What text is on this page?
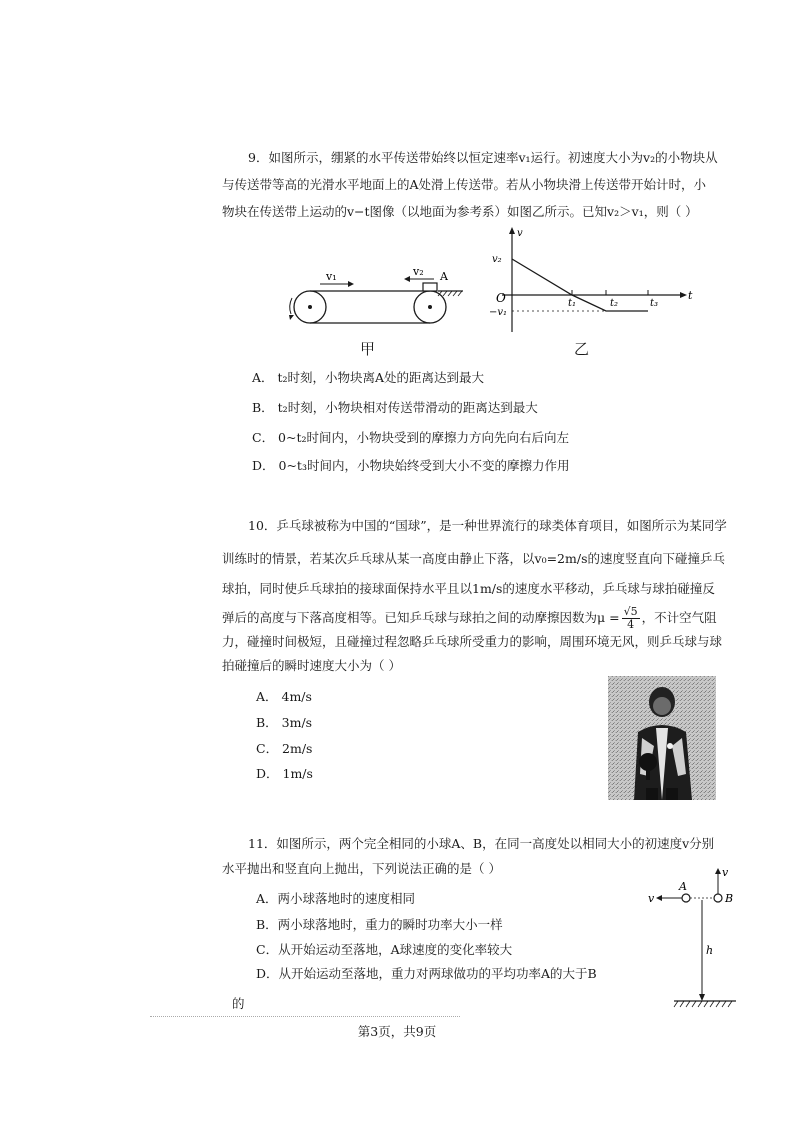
9．如图所示，绷紧的水平传送带始终以恒定速率v₁运行。初速度大小为v₂的小物块从
与传送带等高的光滑水平地面上的A处滑上传送带。若从小物块滑上传送带开始计时，小
物块在传送带上运动的v−t图像（以地面为参考系）如图乙所示。已知v₂＞v₁，则（ ）
v₁	v₂ A
甲
v
t
O
v₂
−v₁
t₁	t₂	t₃
乙
A． t₂时刻，小物块离A处的距离达到最大
B． t₂时刻，小物块相对传送带滑动的距离达到最大
C． 0~t₂时间内，小物块受到的摩擦力方向先向右后向左
D． 0~t₃时间内，小物块始终受到大小不变的摩擦力作用
10．乒乓球被称为中国的“国球”，是一种世界流行的球类体育项目，如图所示为某同学
训练时的情景，若某次乒乓球从某一高度由静止下落，以v₀=2m/s的速度竖直向下碰撞乒乓
球拍，同时使乒乓球拍的接球面保持水平且以1m/s的速度水平移动，乒乓球与球拍碰撞反
弹后的高度与下落高度相等。已知乒乓球与球拍之间的动摩擦因数为$\mu = \frac{√5}{4}$ ，不计空气阻
力，碰撞时间极短，且碰撞过程忽略乒乓球所受重力的影响，周围环境无风，则乒乓球与球
拍碰撞后的瞬时速度大小为（ ）
A． 4m/s
B． 3m/s
C． 2m/s
D． 1m/s
11．如图所示，两个完全相同的小球A、B，在同一高度处以相同大小的初速度v分别
水平抛出和竖直向上抛出，下列说法正确的是（ ）
A．两小球落地时的速度相同
B．两小球落地时，重力的瞬时功率大小一样
C．从开始运动至落地，A球速度的变化率较大
D．从开始运动至落地，重力对两球做功的平均功率A的大于B
的
A
v	B
v
h
第3页，共9页
